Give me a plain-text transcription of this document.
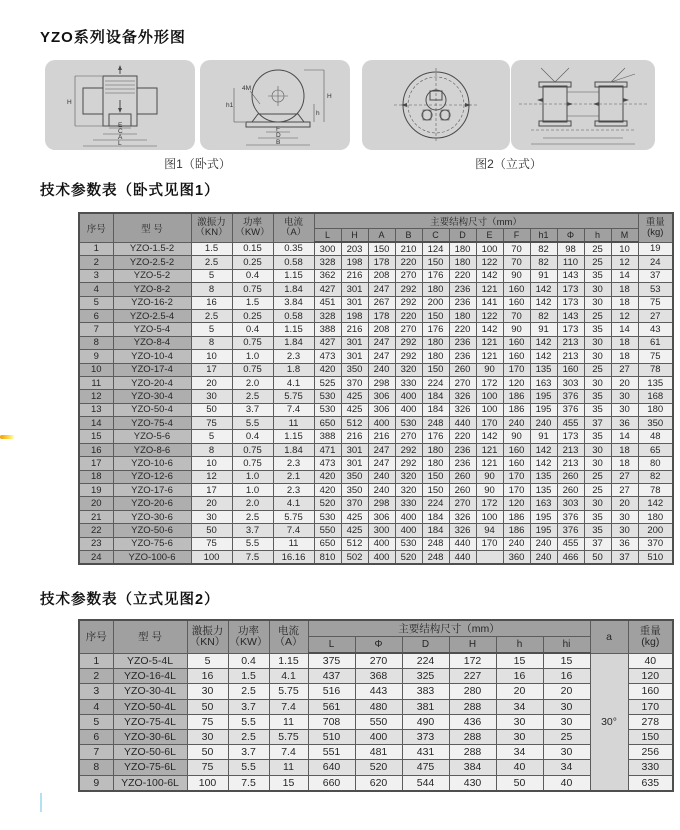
YZO系列设备外形图
H
E
C
A
L
h1
4M
H
h
F
D
B
图1（卧式）	图2（立式）
技术参数表（卧式见图1）
序号	型 号	
激振力
（KN）

功率
（KW）

电流
（A）
	主要结构尺寸（mm）	重量
(kg)

					L	H	A	B	C	D	E	F	h1	Φ	h	M	
1	YZO-1.5-2	1.5	0.15	0.35	300	203	150	210	124	180	100	70	82	98	25	10	19
2	YZO-2.5-2	2.5	0.25	0.58	328	198	178	220	150	180	122	70	82	110	25	12	24
3	YZO-5-2	5	0.4	1.15	362	216	208	270	176	220	142	90	91	143	35	14	37
4	YZO-8-2	8	0.75	1.84	427	301	247	292	180	236	121	160	142	173	30	18	53
5	YZO-16-2	16	1.5	3.84	451	301	267	292	200	236	141	160	142	173	30	18	75
6	YZO-2.5-4	2.5	0.25	0.58	328	198	178	220	150	180	122	70	82	143	25	12	27
7	YZO-5-4	5	0.4	1.15	388	216	208	270	176	220	142	90	91	173	35	14	43
8	YZO-8-4	8	0.75	1.84	427	301	247	292	180	236	121	160	142	213	30	18	61
9	YZO-10-4	10	1.0	2.3	473	301	247	292	180	236	121	160	142	213	30	18	75
10	YZO-17-4	17	0.75	1.8	420	350	240	320	150	260	90	170	135	160	25	27	78
11	YZO-20-4	20	2.0	4.1	525	370	298	330	224	270	172	120	163	303	30	20	135
12	YZO-30-4	30	2.5	5.75	530	425	306	400	184	326	100	186	195	376	35	30	168
13	YZO-50-4	50	3.7	7.4	530	425	306	400	184	326	100	186	195	376	35	30	180
14	YZO-75-4	75	5.5	11	650	512	400	530	248	440	170	240	240	455	37	36	350
15	YZO-5-6	5	0.4	1.15	388	216	216	270	176	220	142	90	91	173	35	14	48
16	YZO-8-6	8	0.75	1.84	471	301	247	292	180	236	121	160	142	213	30	18	65
17	YZO-10-6	10	0.75	2.3	473	301	247	292	180	236	121	160	142	213	30	18	80
18	YZO-12-6	12	1.0	2.1	420	350	240	320	150	260	90	170	135	260	25	27	82
19	YZO-17-6	17	1.0	2.3	420	350	240	320	150	260	90	170	135	260	25	27	78
20	YZO-20-6	20	2.0	4.1	520	370	298	330	224	270	172	120	163	303	30	20	142
21	YZO-30-6	30	2.5	5.75	530	425	306	400	184	326	100	186	195	376	35	30	180
22	YZO-50-6	50	3.7	7.4	550	425	300	400	184	326	94	186	195	376	35	30	200
23	YZO-75-6	75	5.5	11	650	512	400	530	248	440	170	240	240	455	37	36	370
24	YZO-100-6	100	7.5	16.16	810	502	400	520	248	440		360	240	466	50	37	510
技术参数表（立式见图2）
序号	型 号	
激振力
（KN）

功率
（KW）

电流
（A）
	主要结构尺寸（mm）	a	
重量
(kg)

					L	Φ	D	H	h	hi		
1	YZO-5-4L	5	0.4	1.15	375	270	224	172	15	15	30°	40
2	YZO-16-4L	16	1.5	4.1	437	368	325	227	16	16		120
3	YZO-30-4L	30	2.5	5.75	516	443	383	280	20	20		160
4	YZO-50-4L	50	3.7	7.4	561	480	381	288	34	30		170
5	YZO-75-4L	75	5.5	11	708	550	490	436	30	30		278
6	YZO-30-6L	30	2.5	5.75	510	400	373	288	30	25		150
7	YZO-50-6L	50	3.7	7.4	551	481	431	288	34	30		256
8	YZO-75-6L	75	5.5	11	640	520	475	384	40	34		330
9	YZO-100-6L	100	7.5	15	660	620	544	430	50	40		635
